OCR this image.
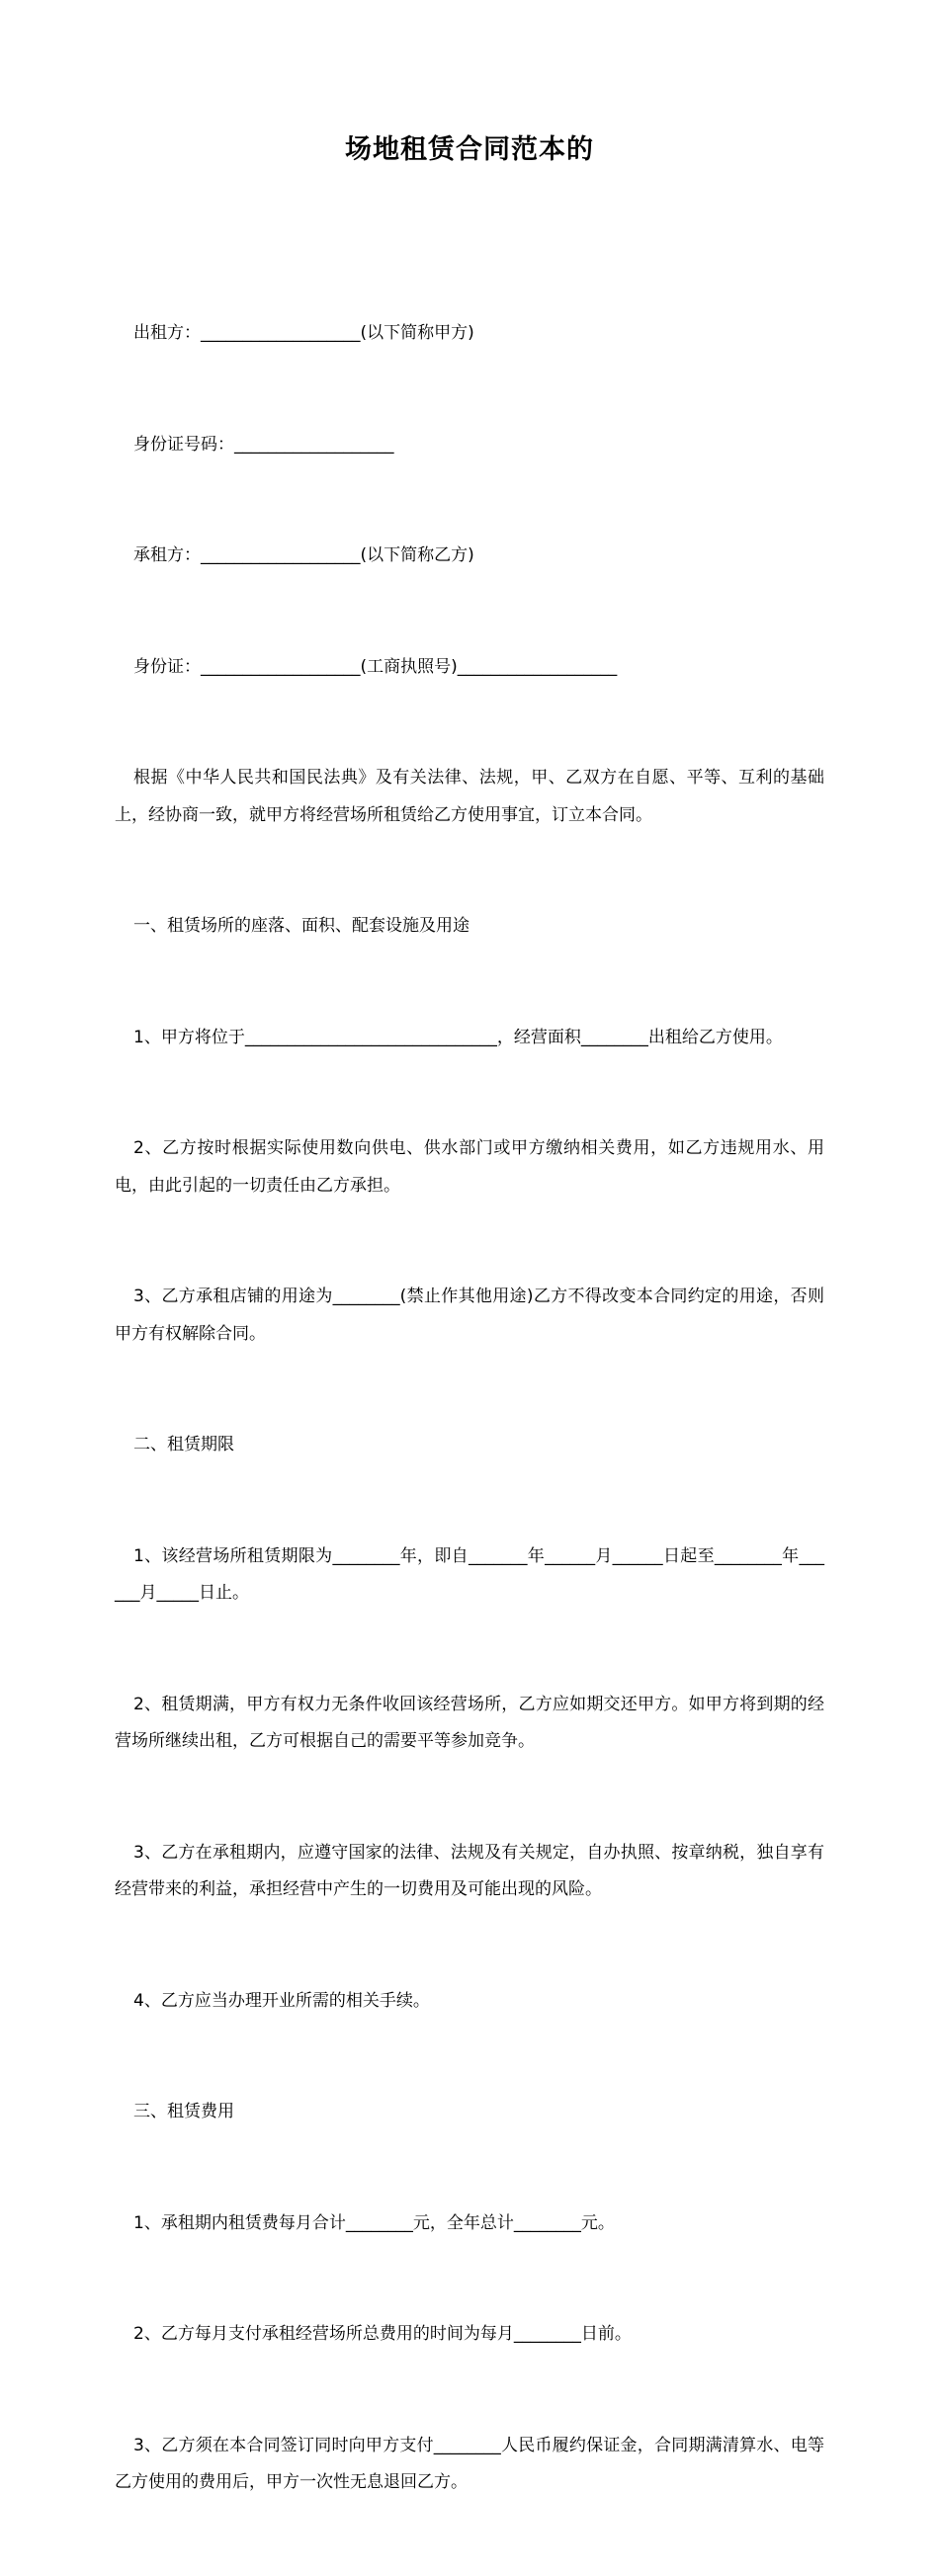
场地租赁合同范本的

出租方：___________________(以下简称甲方)

身份证号码：___________________

承租方：___________________(以下简称乙方)

身份证：___________________(工商执照号)___________________

根据《中华人民共和国民法典》及有关法律、法规，甲、乙双方在自愿、平等、互利的基础上，经协商一致，就甲方将经营场所租赁给乙方使用事宜，订立本合同。

一、租赁场所的座落、面积、配套设施及用途

1、甲方将位于______________________________，经营面积________出租给乙方使用。

2、乙方按时根据实际使用数向供电、供水部门或甲方缴纳相关费用，如乙方违规用水、用电，由此引起的一切责任由乙方承担。

3、乙方承租店铺的用途为________(禁止作其他用途)乙方不得改变本合同约定的用途，否则甲方有权解除合同。

二、租赁期限

1、该经营场所租赁期限为________年，即自_______年______月______日起至________年______月_____日止。

2、租赁期满，甲方有权力无条件收回该经营场所，乙方应如期交还甲方。如甲方将到期的经营场所继续出租，乙方可根据自己的需要平等参加竞争。

3、乙方在承租期内，应遵守国家的法律、法规及有关规定，自办执照、按章纳税，独自享有经营带来的利益，承担经营中产生的一切费用及可能出现的风险。

4、乙方应当办理开业所需的相关手续。

三、租赁费用

1、承租期内租赁费每月合计________元，全年总计________元。

2、乙方每月支付承租经营场所总费用的时间为每月________日前。

3、乙方须在本合同签订同时向甲方支付________人民币履约保证金，合同期满清算水、电等乙方使用的费用后，甲方一次性无息退回乙方。
